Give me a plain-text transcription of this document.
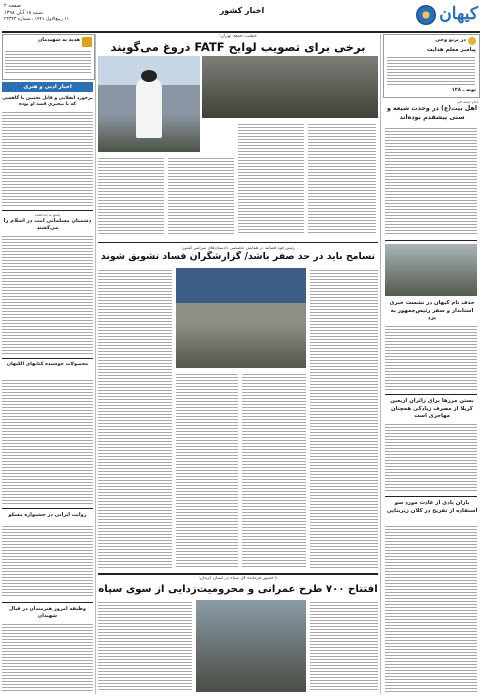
صفحه ۲
شنبه ۱۸ آبان ۱۳۹۸
۱۱ ربیع‌الاول ۱۴۴۱ ـ شماره ۲۲۳۴۳
اخبار کشور	کیهان
در پرتو وحی
پیامبر معلم هدایت
توبه ـ ۱۲۸
امام جمعه قم:
اهل بیت(ع) در وحدت شیعه و سنی پیشقدم بوده‌اند
حذف نام کیهان در نشست خبری استاندار و سفر رئیس‌جمهور به یزد
بستن مرزها برای زائران اربعین کربلا از مصرف زیادکی همچنان مهاجری است
باران یادی از عادت مورد سو استفاده از تفریح در کلان زیربنایی
خطیب جمعه تهران:
برخی برای تصویب لوایح FATF دروغ می‌گویند
رئیس قوه قضائیه در همایش تخصصی دادستان‌های سراسر کشور:
تسامح باید در حد صفر باشد/ گزارشگران فساد تشویق شوند
با حضور فرمانده کل سپاه در استان کرمان:
افتتاح ۷۰۰ طرح عمرانی و محرومیت‌زدایی از سوی سپاه
هدیه به شهیدمان
اخبار ادبی و هنری
برخورد انقلابی و قاتل تختبین با گاهسی که با بیخبری قصد او بوده
پاسخ به یادداشت
دشمنان مسلمانی امت در اسلام را می‌کشند
محصولات خوشنده کتابهای الکیهان
روایت ایرانی در جشنواره مسکو
وظیفه امروز هنرمندان در قبال شهیدان
